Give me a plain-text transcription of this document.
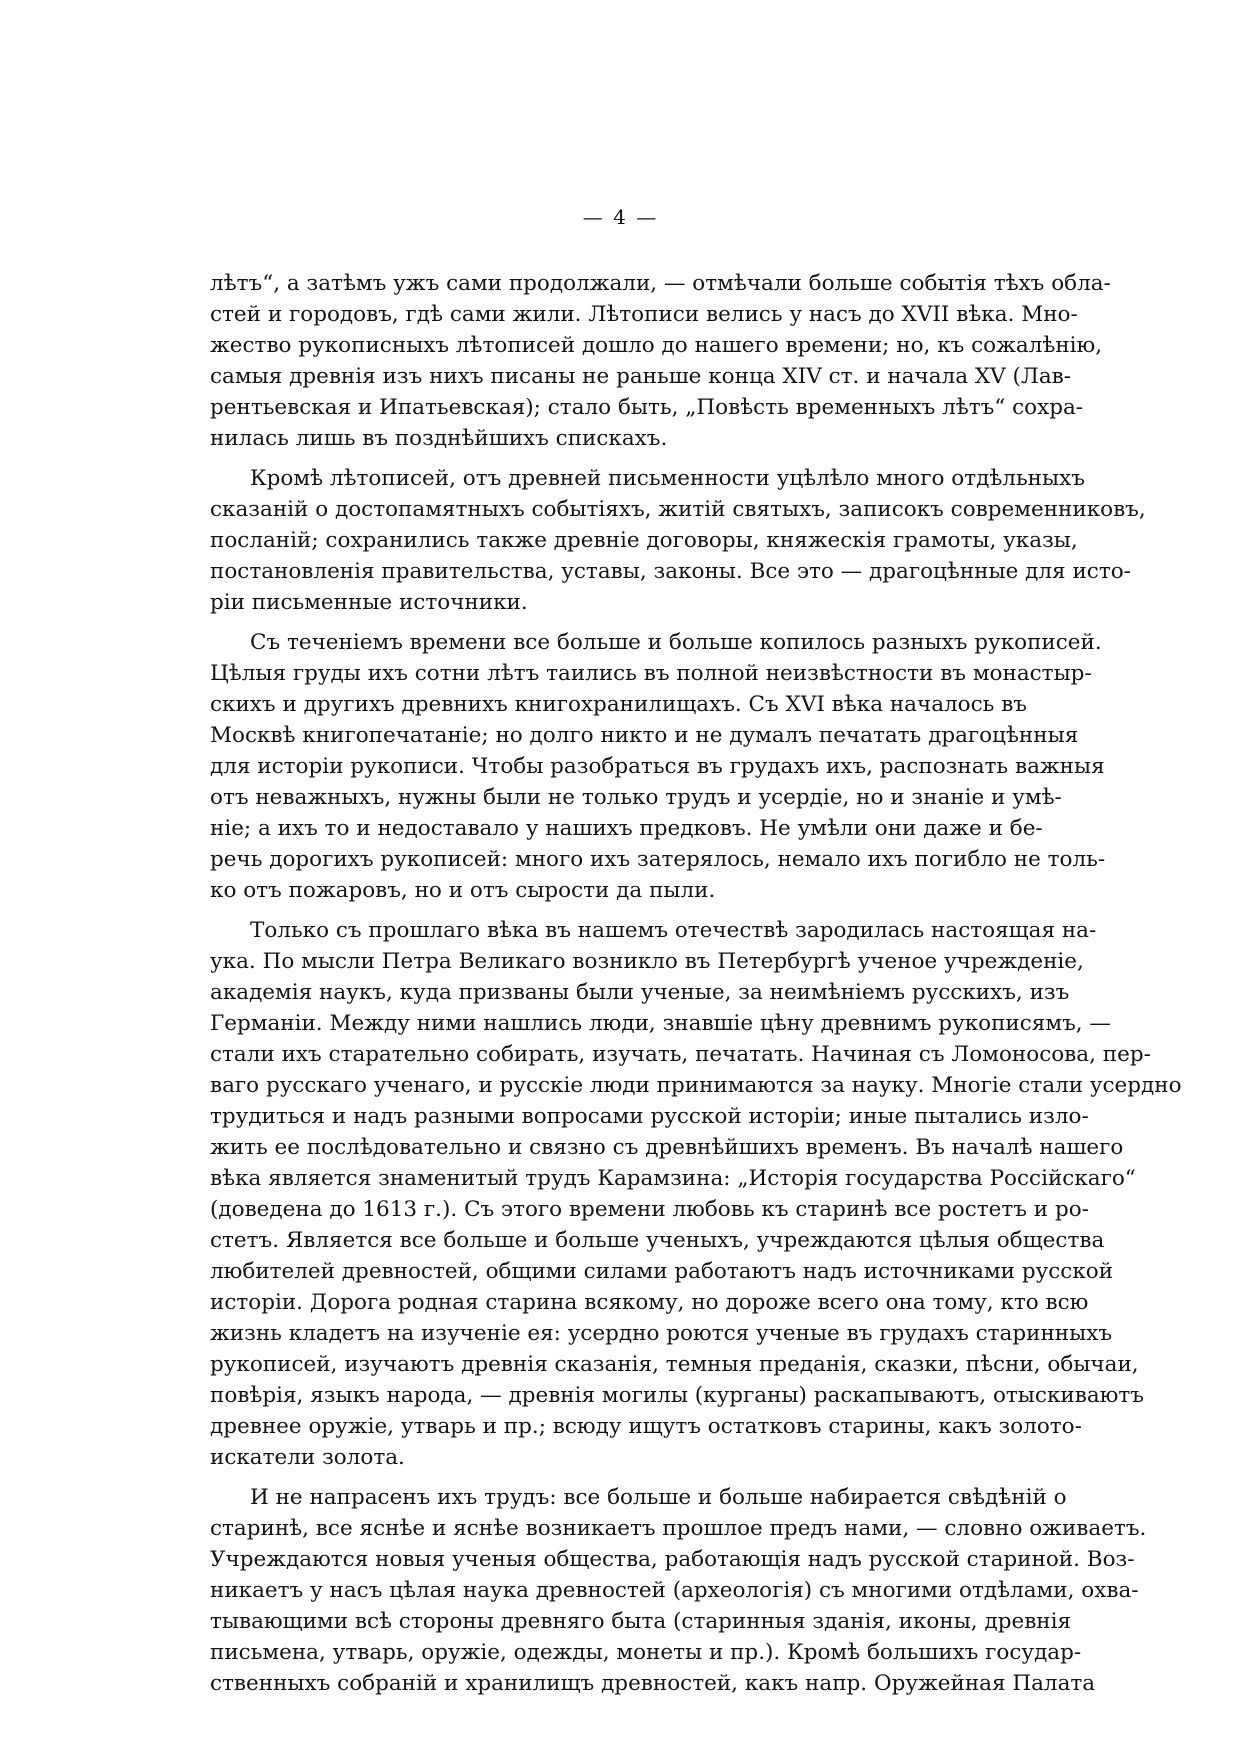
— 4 —
лѣтъ“, а затѣмъ ужъ сами продолжали, — отмѣчали больше событія тѣхъ обла-
стей и городовъ, гдѣ сами жили. Лѣтописи велись у насъ до XVII вѣка. Мно-
жество рукописныхъ лѣтописей дошло до нашего времени; но, къ сожалѣнію,
самыя древнія изъ нихъ писаны не раньше конца XIV ст. и начала XV (Лав-
рентьевская и Ипатьевская); стало быть, „Повѣсть временныхъ лѣтъ“ сохра-
нилась лишь въ позднѣйшихъ спискахъ.
Кромѣ лѣтописей, отъ древней письменности уцѣлѣло много отдѣльныхъ
сказаній о достопамятныхъ событіяхъ, житій святыхъ, записокъ современниковъ,
посланій; сохранились также древніе договоры, княжескія грамоты, указы,
постановленія правительства, уставы, законы. Все это — драгоцѣнные для исто-
ріи письменные источники.
Съ теченіемъ времени все больше и больше копилось разныхъ рукописей.
Цѣлыя груды ихъ сотни лѣтъ таились въ полной неизвѣстности въ монастыр-
скихъ и другихъ древнихъ книгохранилищахъ. Съ XVI вѣка началось въ
Москвѣ книгопечатаніе; но долго никто и не думалъ печатать драгоцѣнныя
для исторіи рукописи. Чтобы разобраться въ грудахъ ихъ, распознать важныя
отъ неважныхъ, нужны были не только трудъ и усердіе, но и знаніе и умѣ-
ніе; а ихъ то и недоставало у нашихъ предковъ. Не умѣли они даже и бе-
речь дорогихъ рукописей: много ихъ затерялось, немало ихъ погибло не толь-
ко отъ пожаровъ, но и отъ сырости да пыли.
Только съ прошлаго вѣка въ нашемъ отечествѣ зародилась настоящая на-
ука. По мысли Петра Великаго возникло въ Петербургѣ ученое учрежденіе,
академія наукъ, куда призваны были ученые, за неимѣніемъ русскихъ, изъ
Германіи. Между ними нашлись люди, знавшіе цѣну древнимъ рукописямъ, —
стали ихъ старательно собирать, изучать, печатать. Начиная съ Ломоносова, пер-
ваго русскаго ученаго, и русскіе люди принимаются за науку. Многіе стали усердно
трудиться и надъ разными вопросами русской исторіи; иные пытались изло-
жить ее послѣдовательно и связно съ древнѣйшихъ временъ. Въ началѣ нашего
вѣка является знаменитый трудъ Карамзина: „Исторія государства Россійскаго“
(доведена до 1613 г.). Съ этого времени любовь къ старинѣ все ростетъ и ро-
стетъ. Является все больше и больше ученыхъ, учреждаются цѣлыя общества
любителей древностей, общими силами работаютъ надъ источниками русской
исторіи. Дорога родная старина всякому, но дороже всего она тому, кто всю
жизнь кладетъ на изученіе ея: усердно роются ученые въ грудахъ старинныхъ
рукописей, изучаютъ древнія сказанія, темныя преданія, сказки, пѣсни, обычаи,
повѣрія, языкъ народа, — древнія могилы (курганы) раскапываютъ, отыскиваютъ
древнее оружіе, утварь и пр.; всюду ищутъ остатковъ старины, какъ золото-
искатели золота.
И не напрасенъ ихъ трудъ: все больше и больше набирается свѣдѣній о
старинѣ, все яснѣе и яснѣе возникаетъ прошлое предъ нами, — словно оживаетъ.
Учреждаются новыя ученыя общества, работающія надъ русской стариной. Воз-
никаетъ у насъ цѣлая наука древностей (археологія) съ многими отдѣлами, охва-
тывающими всѣ стороны древняго быта (старинныя зданія, иконы, древнія
письмена, утварь, оружіе, одежды, монеты и пр.). Кромѣ большихъ государ-
ственныхъ собраній и хранилищъ древностей, какъ напр. Оружейная Палата
